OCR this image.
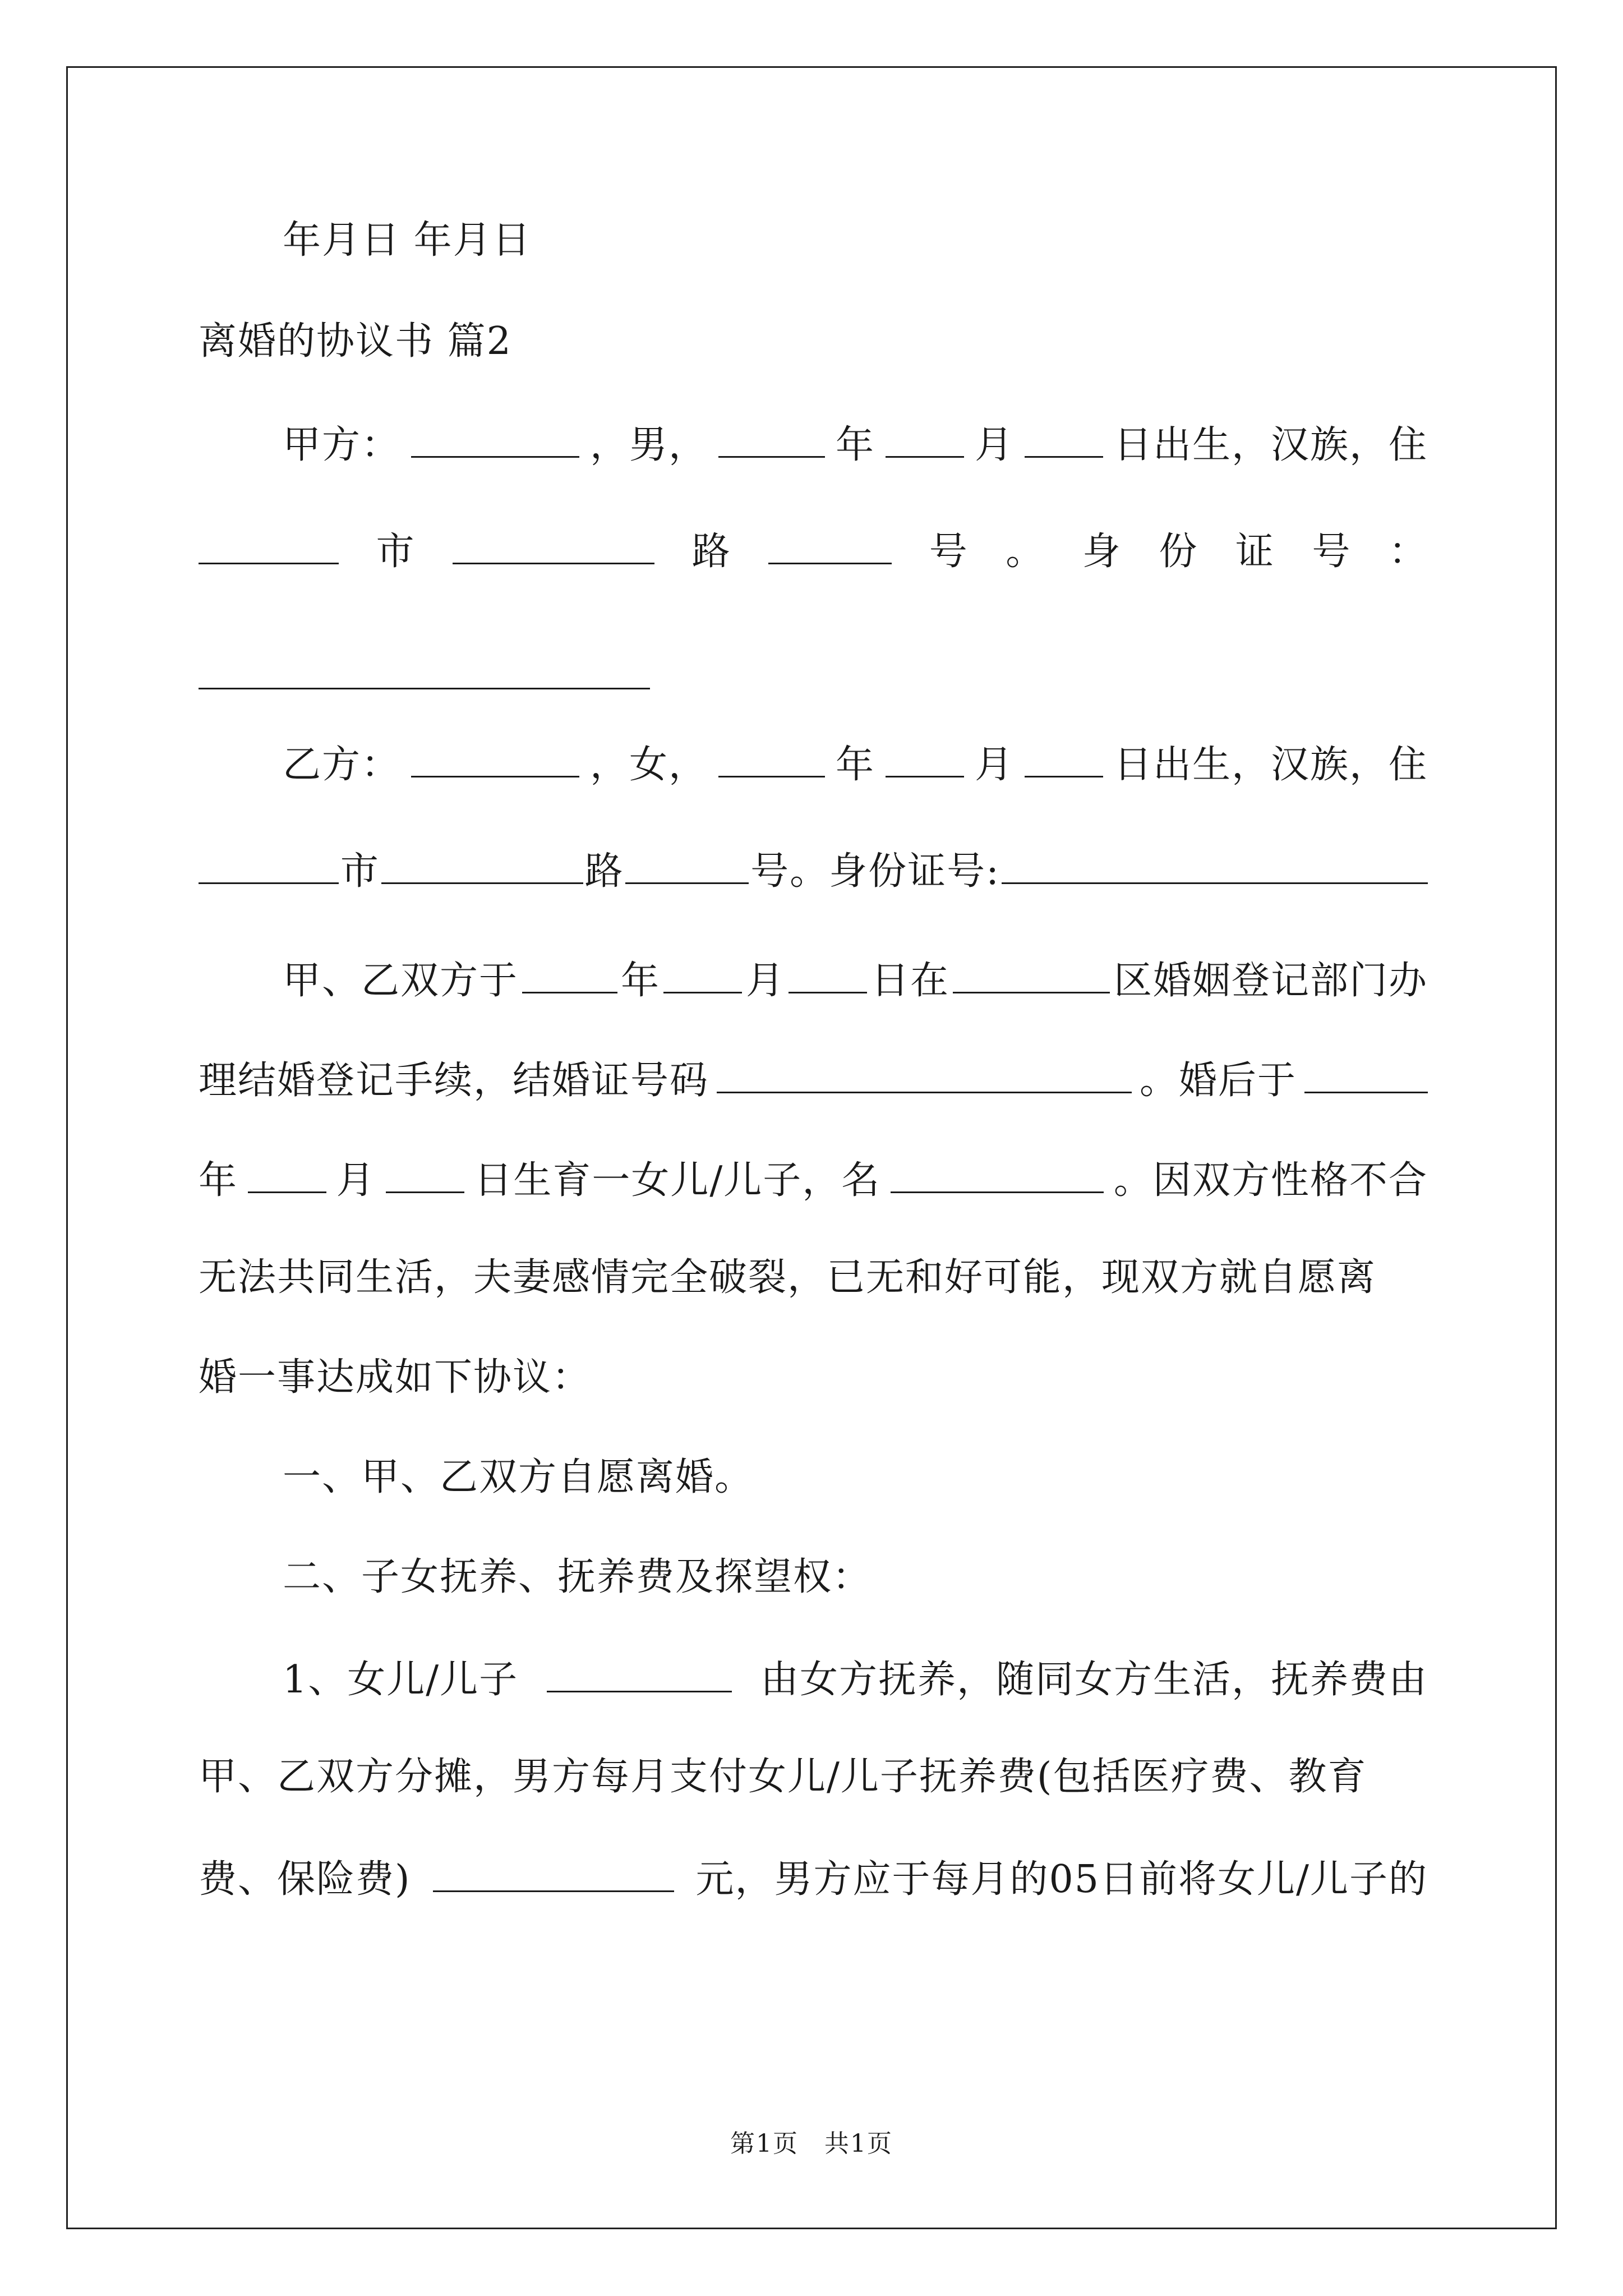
年月日 年月日
离婚的协议书 篇2
甲方：	，男，	年	月	日出生，汉族，住
市	路	号 。 身 份 证 号 ：
乙方：	，女，	年	月	日出生，汉族，住
市	路	号。身份证号:
甲、乙双方于	年 月 日在	区婚姻登记部门办
理结婚登记手续，结婚证号码	。婚后于
年	月	日生育一女儿/儿子，名	。因双方性格不合
无法共同生活，夫妻感情完全破裂，已无和好可能，现双方就自愿离
婚一事达成如下协议：
一、甲、乙双方自愿离婚。
二、子女抚养、抚养费及探望权：
1、女儿/儿子	由女方抚养，随同女方生活，抚养费由
甲、乙双方分摊，男方每月支付女儿/儿子抚养费(包括医疗费、教育
费、保险费)	元，男方应于每月的05日前将女儿/儿子的
第1页　共1页
